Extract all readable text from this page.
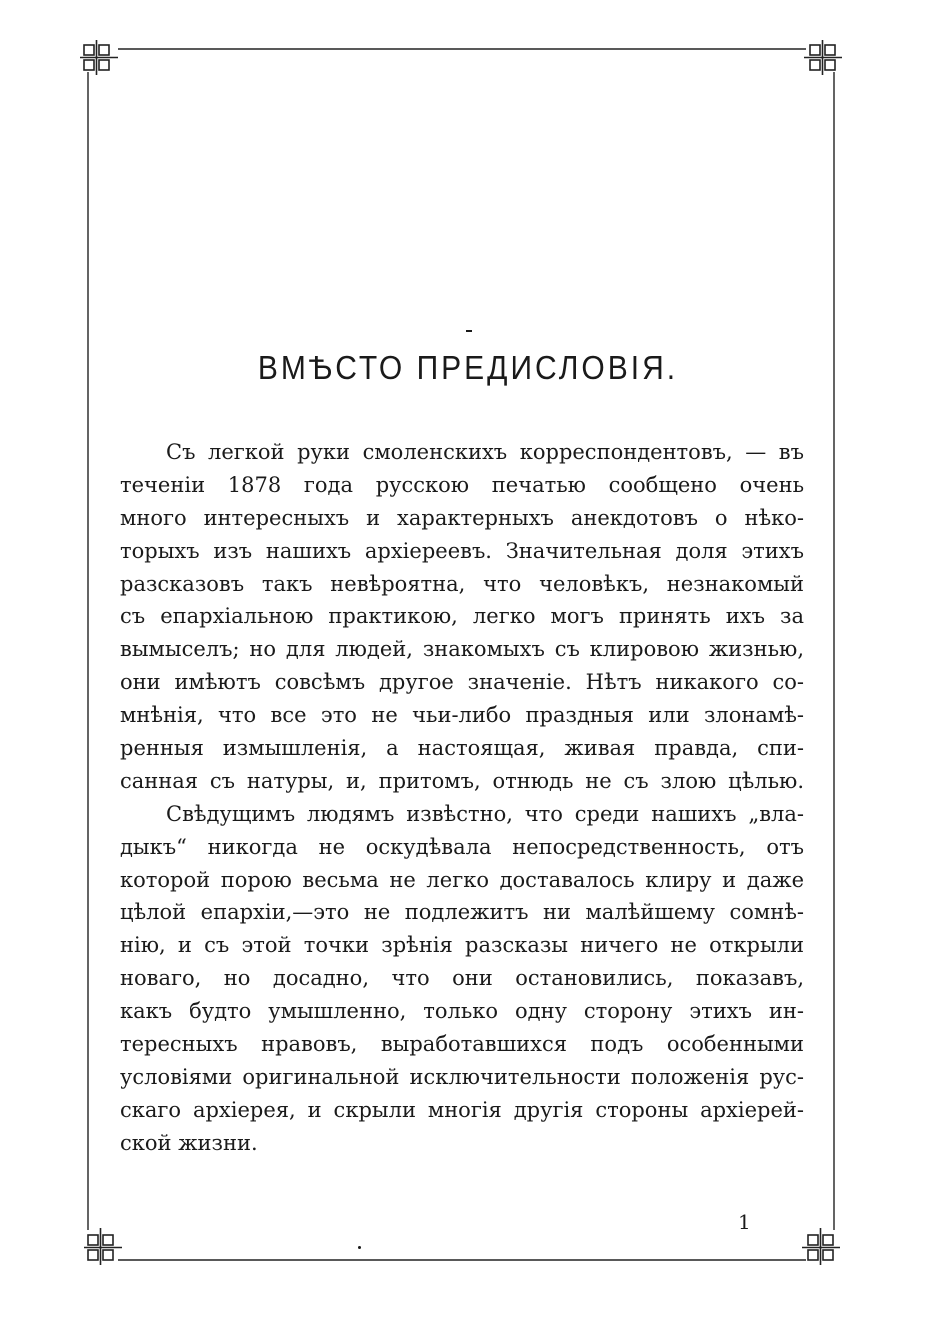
ВМѢСТО ПРЕДИСЛОВІЯ.
Съ легкой руки смоленскихъ корреспондентовъ, — въ
теченіи 1878 года русскою печатью сообщено очень
много интересныхъ и характерныхъ анекдотовъ о нѣко-
торыхъ изъ нашихъ архіереевъ. Значительная доля этихъ
разсказовъ такъ невѣроятна, что человѣкъ, незнакомый
съ епархіальною практикою, легко могъ принять ихъ за
вымыселъ; но для людей, знакомыхъ съ клировою жизнью,
они имѣютъ совсѣмъ другое значеніе. Нѣтъ никакого со-
мнѣнія, что все это не чьи-либо праздныя или злонамѣ-
ренныя измышленія, а настоящая, живая правда, спи-
санная съ натуры, и, притомъ, отнюдь не съ злою цѣлью.
Свѣдущимъ людямъ извѣстно, что среди нашихъ „вла-
дыкъ“ никогда не оскудѣвала непосредственность, отъ
которой порою весьма не легко доставалось клиру и даже
цѣлой епархіи,—это не подлежитъ ни малѣйшему сомнѣ-
нію, и съ этой точки зрѣнія разсказы ничего не открыли
новаго, но досадно, что они остановились, показавъ,
какъ будто умышленно, только одну сторону этихъ ин-
тересныхъ нравовъ, выработавшихся подъ особенными
условіями оригинальной исключительности положенія рус-
скаго архіерея, и скрыли многія другія стороны архіерей-
ской жизни.
1
